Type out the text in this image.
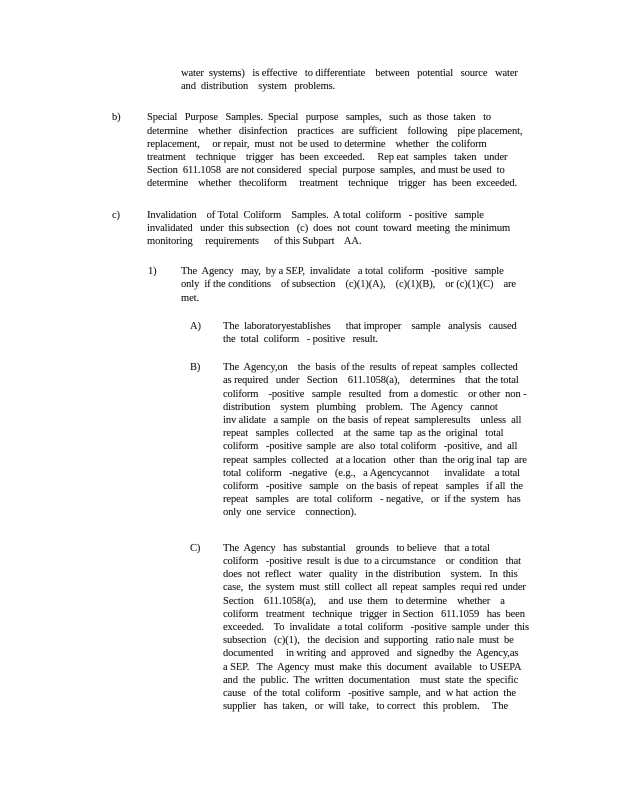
water  systems)   is effective   to differentiate    between   potential   source   water
and  distribution    system   problems.
b)	Special   Purpose   Samples.  Special   purpose   samples,   such  as  those  taken   to
determine    whether   disinfection    practices   are  sufficient    following    pipe placement,
replacement,     or repair,  must  not  be used  to determine    whether   the coliform
treatment    technique    trigger   has  been  exceeded.     Rep eat  samples   taken   under
Section  611.1058  are not considered   special  purpose  samples,  and must be used  to
determine    whether   thecoliform     treatment    technique    trigger   has  been  exceeded.
c)	Invalidation    of Total  Coliform    Samples.  A total  coliform   - positive   sample
invalidated   under  this subsection   (c)  does  not  count  toward  meeting  the minimum
monitoring     requirements      of this Subpart    AA.
1) The  Agency   may,  by a SEP,  invalidate   a total  coliform   -positive   sample
only  if the conditions    of subsection    (c)(1)(A),    (c)(1)(B),    or (c)(1)(C)    are
met.
A) The  laboratoryestablishes      that improper    sample   analysis   caused
the  total  coliform   - positive   result.
B) The  Agency,on    the  basis  of the  results  of repeat  samples  collected
as required   under   Section    611.1058(a),    determines    that  the total
coliform    -positive   sample   resulted   from  a domestic    or other  non -
distribution    system   plumbing    problem.   The  Agency   cannot
inv alidate   a sample   on  the basis  of repeat  sampleresults    unless  all
repeat   samples   collected    at  the  same  tap  as the  original   total
coliform   -positive  sample  are  also  total coliform   -positive,  and  all
repeat  samples  collected   at a location   other  than  the orig inal  tap  are
total  coliform   -negative   (e.g.,   a Agencycannot      invalidate    a total
coliform   -positive   sample   on  the basis  of repeat   samples   if all  the
repeat   samples   are  total  coliform   - negative,   or  if the  system   has
only  one  service    connection).
C) The  Agency   has  substantial    grounds   to believe   that  a total
coliform   -positive  result  is due  to a circumstance    or  condition   that
does  not  reflect   water   quality   in the  distribution    system.   In  this
case,  the  system  must  still  collect  all  repeat  samples  requi red  under
Section    611.1058(a),     and  use  them   to determine    whether    a
coliform   treatment   technique   trigger  in Section   611.1059   has  been
exceeded.    To  invalidate   a total  coliform   -positive  sample  under  this
subsection   (c)(1),   the  decision  and  supporting   ratio nale  must  be
documented     in writing  and  approved   and  signedby  the  Agency,as
a SEP.   The  Agency  must  make  this  document   available   to USEPA
and  the  public.  The  written  documentation    must  state  the  specific
cause   of the  total  coliform   -positive  sample,  and  w hat  action  the
supplier   has  taken,   or  will  take,   to correct   this  problem.     The
